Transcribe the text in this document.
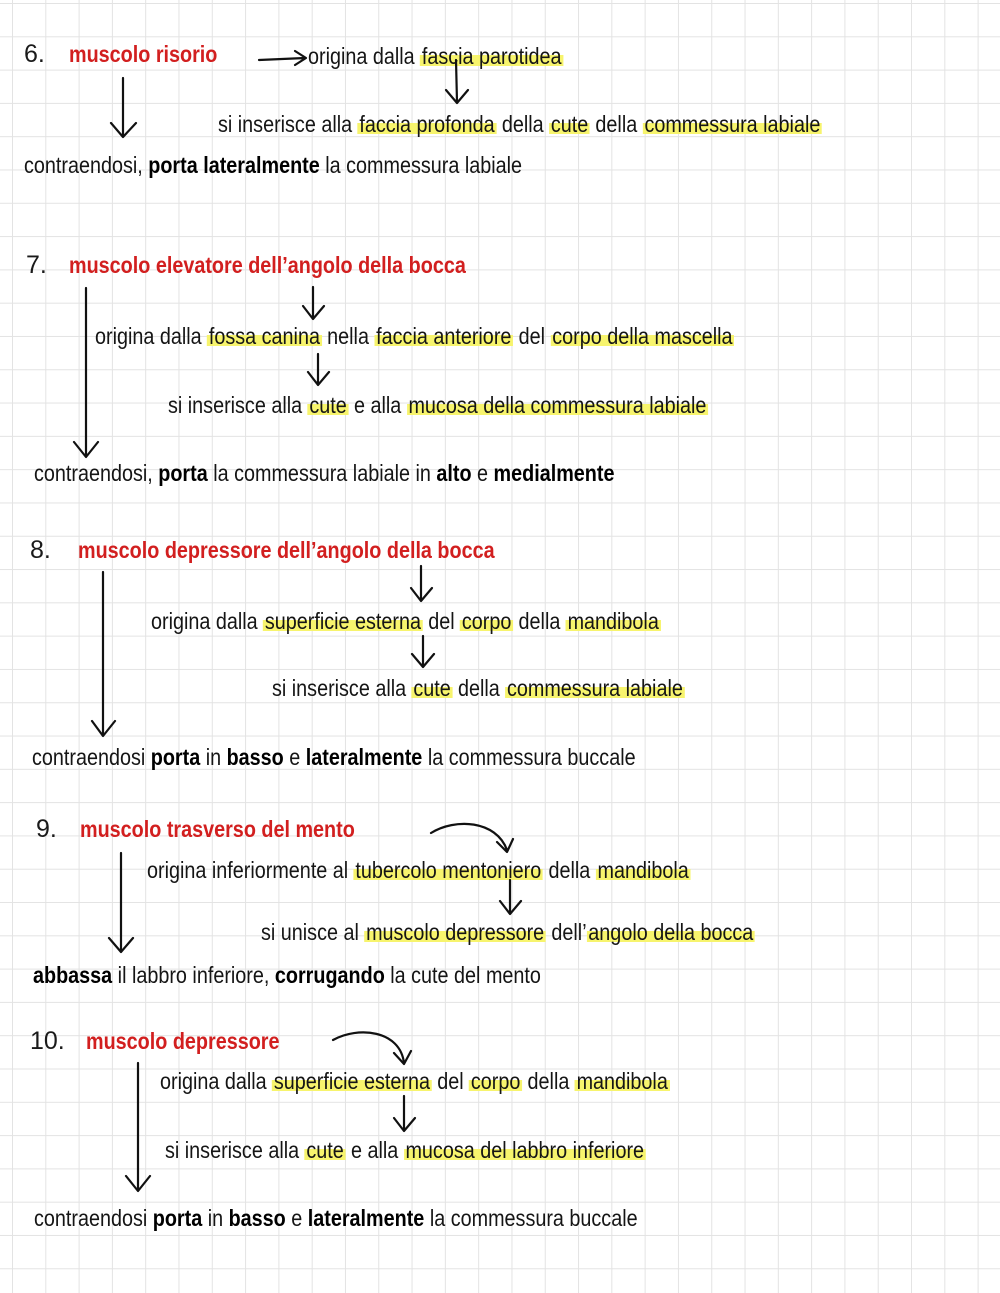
6. muscolo risorio	origina dalla fascia parotidea
si inserisce alla faccia profonda della cute della commessura labiale
contraendosi, porta lateralmente la commessura labiale
7. muscolo elevatore dell’angolo della bocca
origina dalla fossa canina nella faccia anteriore del corpo della mascella
si inserisce alla cute e alla mucosa della commessura labiale
contraendosi, porta la commessura labiale in alto e medialmente
8. muscolo depressore dell’angolo della bocca
origina dalla superficie esterna del corpo della mandibola
si inserisce alla cute della commessura labiale
contraendosi porta in basso e lateralmente la commessura buccale
9. muscolo trasverso del mento
origina inferiormente al tubercolo mentoniero della mandibola
si unisce al muscolo depressore dell’angolo della bocca
abbassa il labbro inferiore, corrugando la cute del mento
10. muscolo depressore
origina dalla superficie esterna del corpo della mandibola
si inserisce alla cute e alla mucosa del labbro inferiore
contraendosi porta in basso e lateralmente la commessura buccale
